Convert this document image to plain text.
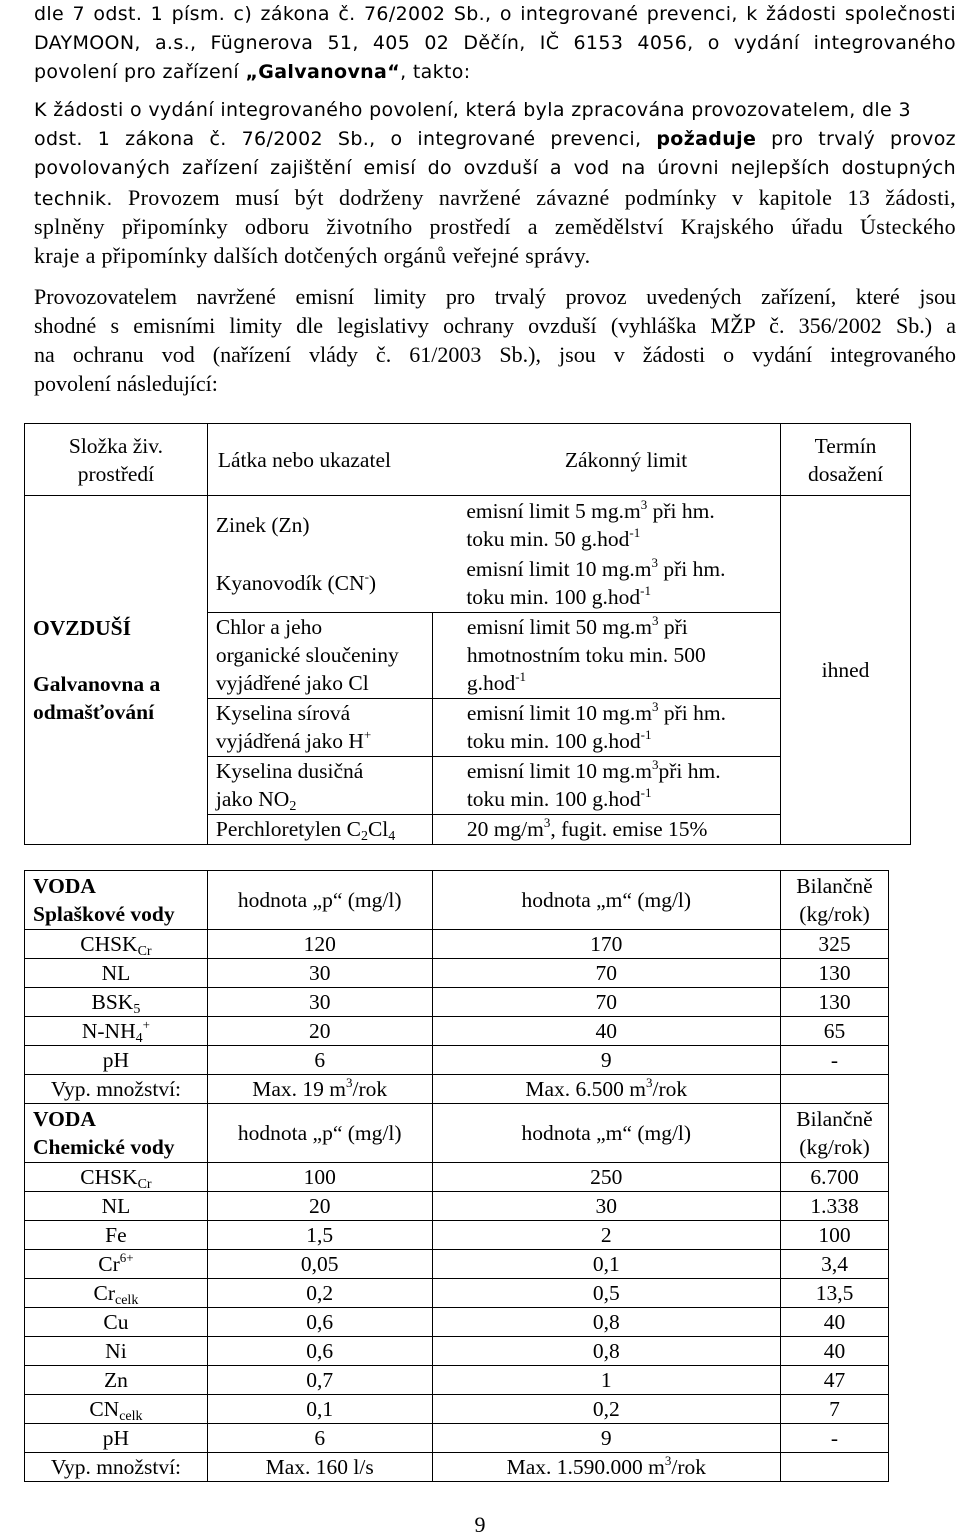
dle 7 odst. 1 písm. c) zákona č. 76/2002 Sb., o integrované prevenci, k žádosti společnosti
DAYMOON, a.s., Fügnerova 51, 405 02 Děčín, IČ 6153 4056, o vydání integrovaného
povolení pro zařízení „Galvanovna“, takto:
K žádosti o vydání integrovaného povolení, která byla zpracována provozovatelem, dle 3
odst. 1 zákona č. 76/2002 Sb., o integrované prevenci, požaduje pro trvalý provoz
povolovaných zařízení zajištění emisí do ovzduší a vod na úrovni nejlepších dostupných
technik. Provozem musí být dodrženy navržené závazné podmínky v kapitole 13 žádosti,
splněny připomínky odboru životního prostředí a zemědělství Krajského úřadu Ústeckého
kraje a připomínky dalších dotčených orgánů veřejné správy.
Provozovatelem navržené emisní limity pro trvalý provoz uvedených zařízení, které jsou
shodné s emisními limity dle legislativy ochrany ovzduší (vyhláška MŽP č. 356/2002 Sb.) a
na ochranu vod (nařízení vlády č. 61/2003 Sb.), jsou v žádosti o vydání integrovaného
povolení následující:
Složka živ.
prostředí	Látka nebo ukazatel	Zákonný limit	Termín
dosažení

OVZDUŠÍ
Galvanovna a
odmašťování

Zinek (Zn)	emisní limit 5 $mg.m^3$ při hm.
toku min. 50 g.hod$^{-1}$
Kyanovodík (CN-)	emisní limit 10 $mg.m^3$ při hm.
toku min. 100 g.hod$^{-1}$
Chlor a jeho
organické sloučeniny
vyjádřené jako Cl	emisní limit 50 $mg.m^3$ při
hmotnostním toku min. 500
g.hod$^{-1}$
Kyselina sírová
vyjádřená jako H+	emisní limit 10 $mg.m^3$ při hm.
toku min. 100 g.hod$^{-1}$
Kyselina dusičná
jako $NO_2$	emisní limit 10 $mg.m^3při$ hm.
toku min. 100 g.hod$^{-1}$
Perchloretylen $C_2Cl_4$	20 $mg/m^3$, fugit. emise 15%
	ihned
VODA
Splaškové vody	hodnota „p“ (mg/l)	hodnota „m“ (mg/l)	Bilančně
(kg/rok)
$CHSK_{Cr}$	120	170	325
NL	30	70	130
$BSK_5$	30	70	130
$N-NH_4^+$	20	40	65
pH	6	9	-
Vyp. množství:	Max. 19 $m^3$/rok	Max. 6.500 $m^3$/rok	
VODA
Chemické vody	hodnota „p“ (mg/l)	hodnota „m“ (mg/l)	Bilančně
(kg/rok)
$CHSK_{Cr}$	100	250	6.700
NL	20	30	1.338
Fe	1,5	2	100
$Cr^{6+}$	0,05	0,1	3,4
$Cr_{celk}$	0,2	0,5	13,5
Cu	0,6	0,8	40
Ni	0,6	0,8	40
Zn	0,7	1	47
$CN_{celk}$	0,1	0,2	7
pH	6	9	-
Vyp. množství:	Max. 160 l/s	Max. 1.590.000 $m^3$/rok	
9
